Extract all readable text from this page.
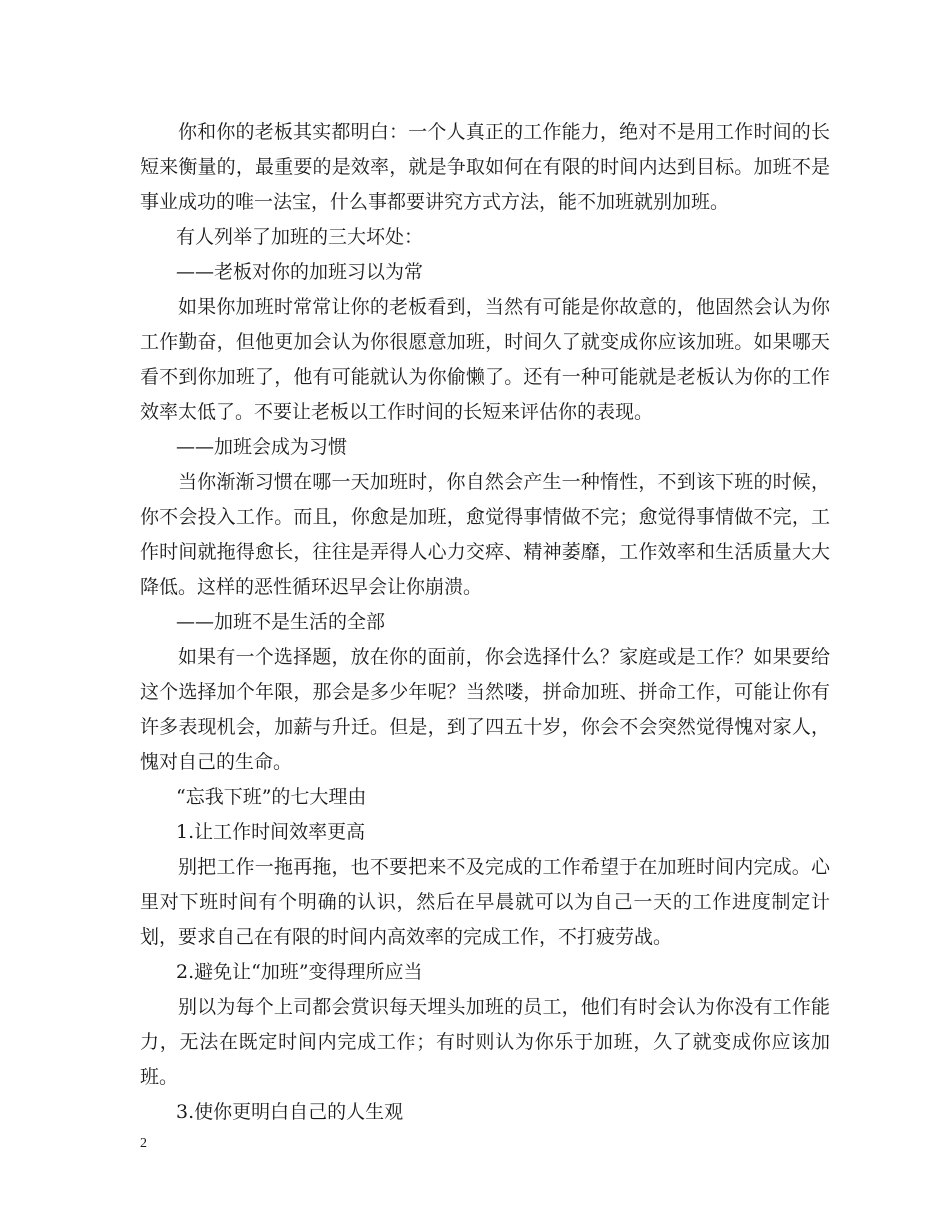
你和你的老板其实都明白：一个人真正的工作能力，绝对不是用工作时间的长短来衡量的，最重要的是效率，就是争取如何在有限的时间内达到目标。加班不是事业成功的唯一法宝，什么事都要讲究方式方法，能不加班就别加班。

有人列举了加班的三大坏处：

——老板对你的加班习以为常

如果你加班时常常让你的老板看到，当然有可能是你故意的，他固然会认为你工作勤奋，但他更加会认为你很愿意加班，时间久了就变成你应该加班。如果哪天看不到你加班了，他有可能就认为你偷懒了。还有一种可能就是老板认为你的工作效率太低了。不要让老板以工作时间的长短来评估你的表现。

——加班会成为习惯

当你渐渐习惯在哪一天加班时，你自然会产生一种惰性，不到该下班的时候，你不会投入工作。而且，你愈是加班，愈觉得事情做不完；愈觉得事情做不完，工作时间就拖得愈长，往往是弄得人心力交瘁、精神萎靡，工作效率和生活质量大大降低。这样的恶性循环迟早会让你崩溃。

——加班不是生活的全部

如果有一个选择题，放在你的面前，你会选择什么？家庭或是工作？如果要给这个选择加个年限，那会是多少年呢？当然喽，拼命加班、拼命工作，可能让你有许多表现机会，加薪与升迁。但是，到了四五十岁，你会不会突然觉得愧对家人，愧对自己的生命。

“忘我下班”的七大理由

1.让工作时间效率更高

别把工作一拖再拖，也不要把来不及完成的工作希望于在加班时间内完成。心里对下班时间有个明确的认识，然后在早晨就可以为自己一天的工作进度制定计划，要求自己在有限的时间内高效率的完成工作，不打疲劳战。

2.避免让“加班”变得理所应当

别以为每个上司都会赏识每天埋头加班的员工，他们有时会认为你没有工作能力，无法在既定时间内完成工作；有时则认为你乐于加班，久了就变成你应该加班。

3.使你更明白自己的人生观

2
